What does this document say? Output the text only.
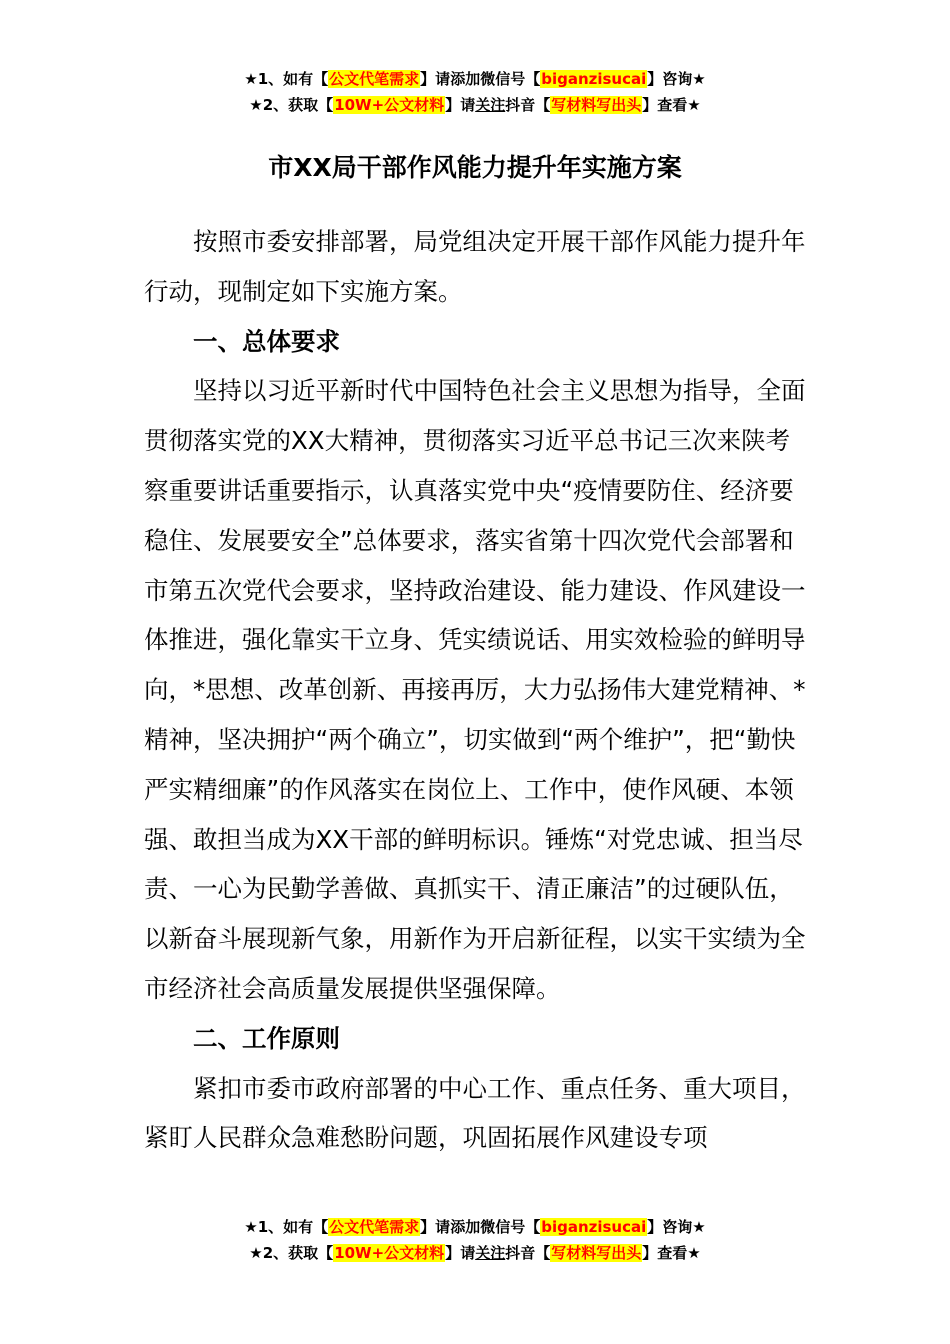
★1、如有【公文代笔需求】请添加微信号【biganzisucai】咨询★
★2、获取【10W+公文材料】请关注抖音【写材料写出头】查看★
市XX局干部作风能力提升年实施方案

按照市委安排部署，局党组决定开展干部作风能力提升年行动，现制定如下实施方案。

一、总体要求

坚持以习近平新时代中国特色社会主义思想为指导，全面贯彻落实党的XX大精神，贯彻落实习近平总书记三次来陕考察重要讲话重要指示，认真落实党中央“疫情要防住、经济要稳住、发展要安全”总体要求，落实省第十四次党代会部署和市第五次党代会要求，坚持政治建设、能力建设、作风建设一体推进，强化靠实干立身、凭实绩说话、用实效检验的鲜明导向，*思想、改革创新、再接再厉，大力弘扬伟大建党精神、*精神，坚决拥护“两个确立”，切实做到“两个维护”，把“勤快严实精细廉”的作风落实在岗位上、工作中，使作风硬、本领强、敢担当成为XX干部的鲜明标识。锤炼“对党忠诚、担当尽责、一心为民勤学善做、真抓实干、清正廉洁”的过硬队伍，以新奋斗展现新气象，用新作为开启新征程，以实干实绩为全市经济社会高质量发展提供坚强保障。

二、工作原则

紧扣市委市政府部署的中心工作、重点任务、重大项目，紧盯人民群众急难愁盼问题，巩固拓展作风建设专项

★1、如有【公文代笔需求】请添加微信号【biganzisucai】咨询★
★2、获取【10W+公文材料】请关注抖音【写材料写出头】查看★
